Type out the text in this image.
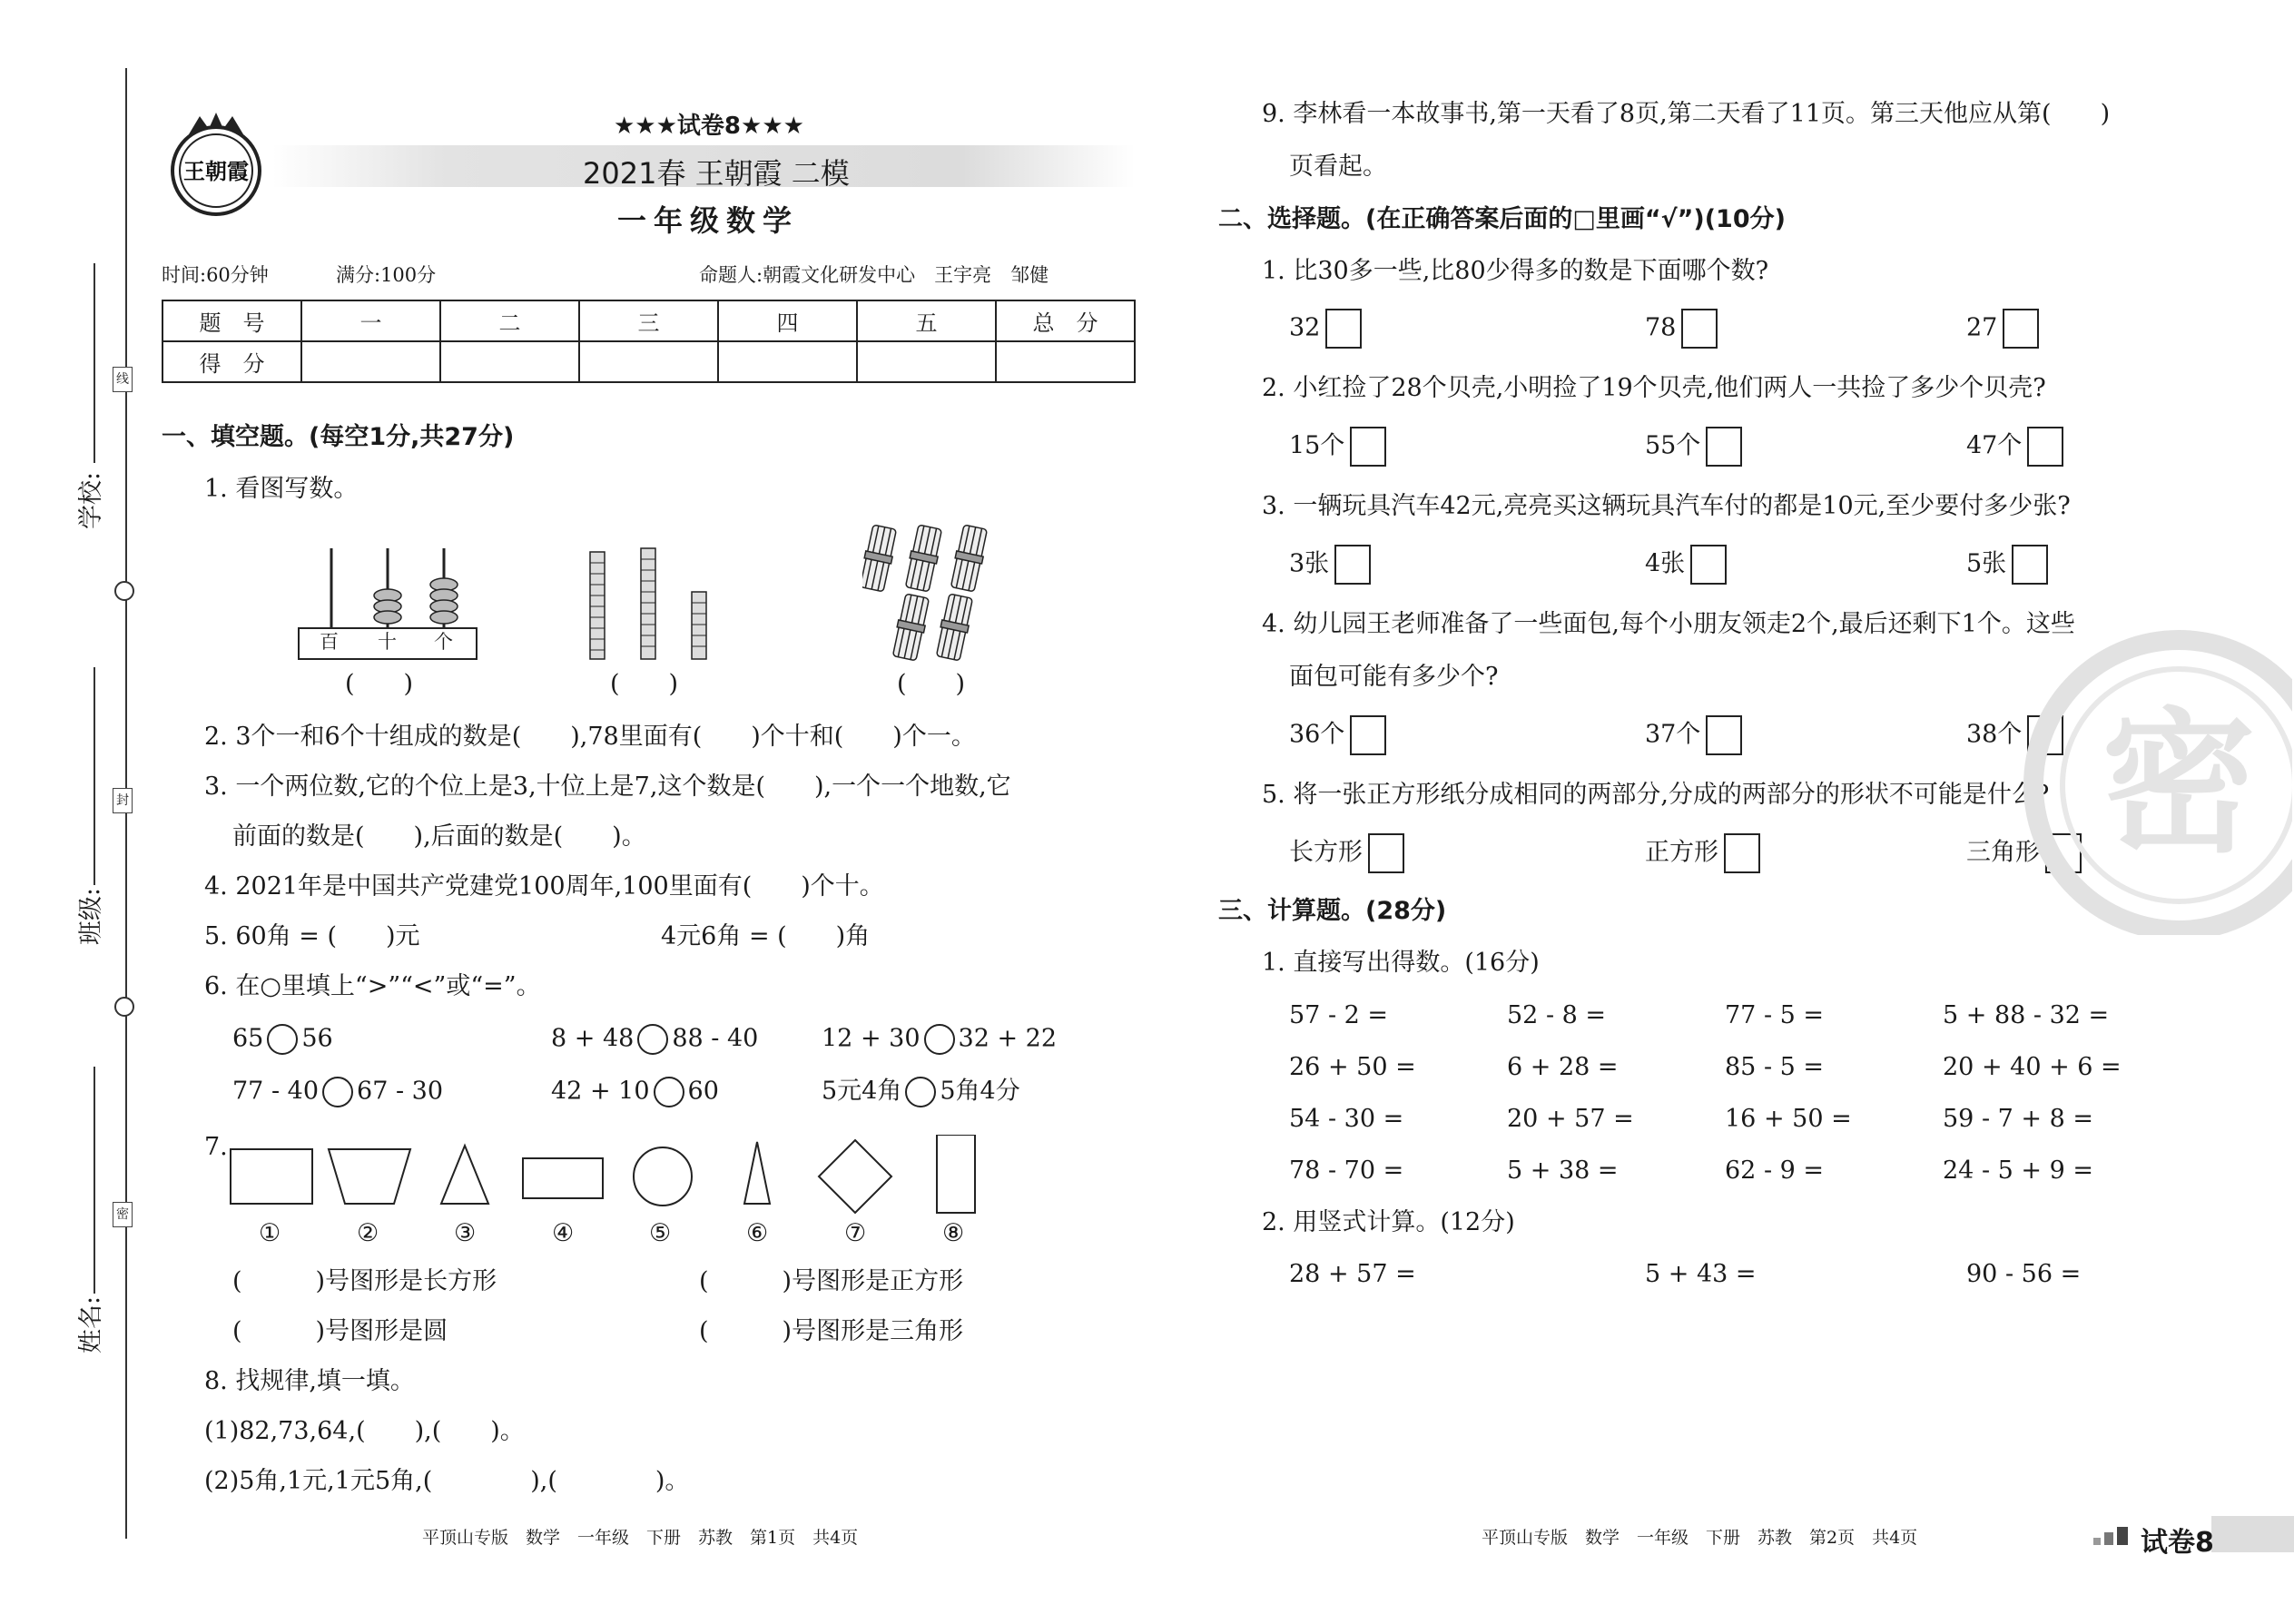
线
封
密
学校:
班级:
姓名:
王朝霞
★★★试卷8★★★
2021春 王朝霞 二模
一年级数学
时间:60分钟	满分:100分	命题人:朝霞文化研发中心　王宇亮　邹健
题　号	一	二	三	四	五	总　分
得　分						
一、填空题。(每空1分,共27分)
1. 看图写数。
百 十 个
(　　)	(　　)	(　　)
2. 3个一和6个十组成的数是(　　),78里面有(　　)个十和(　　)个一。
3. 一个两位数,它的个位上是3,十位上是7,这个数是(　　),一个一个地数,它
前面的数是(　　),后面的数是(　　)。
4. 2021年是中国共产党建党100周年,100里面有(　　)个十。
5. 60角 = (　　)元	4元6角 = (　　)角
6. 在○里填上“>”“<”或“=”。
65 56	8 + 48 88 - 40	12 + 30 32 + 22
77 - 40 67 - 30	42 + 10 60	5元4角 5角4分
7.
①	②	③	④	⑤	⑥	⑦	⑧
(　　　)号图形是长方形	(　　　)号图形是正方形
(　　　)号图形是圆	(　　　)号图形是三角形
8. 找规律,填一填。
(1)82,73,64,(　　),(　　)。
(2)5角,1元,1元5角,(　　　　),(　　　　)。
平顶山专版　数学　一年级　下册　苏教　第1页　共4页
9. 李林看一本故事书,第一天看了8页,第二天看了11页。第三天他应从第(　　)
页看起。
二、选择题。(在正确答案后面的□里画“√”)(10分)
1. 比30多一些,比80少得多的数是下面哪个数?
32	78	27
2. 小红捡了28个贝壳,小明捡了19个贝壳,他们两人一共捡了多少个贝壳?
15个	55个	47个
3. 一辆玩具汽车42元,亮亮买这辆玩具汽车付的都是10元,至少要付多少张?
3张	4张	5张
4. 幼儿园王老师准备了一些面包,每个小朋友领走2个,最后还剩下1个。这些
面包可能有多少个?
36个	37个	38个
5. 将一张正方形纸分成相同的两部分,分成的两部分的形状不可能是什么?
长方形	正方形	三角形
三、计算题。(28分)
1. 直接写出得数。(16分)
57 - 2 =	52 - 8 =	77 - 5 =	5 + 88 - 32 =
26 + 50 =	6 + 28 =	85 - 5 =	20 + 40 + 6 =
54 - 30 =	20 + 57 =	16 + 50 =	59 - 7 + 8 =
78 - 70 =	5 + 38 =	62 - 9 =	24 - 5 + 9 =
2. 用竖式计算。(12分)
28 + 57 =	5 + 43 =	90 - 56 =
密
平顶山专版　数学　一年级　下册　苏教　第2页　共4页	试卷8
